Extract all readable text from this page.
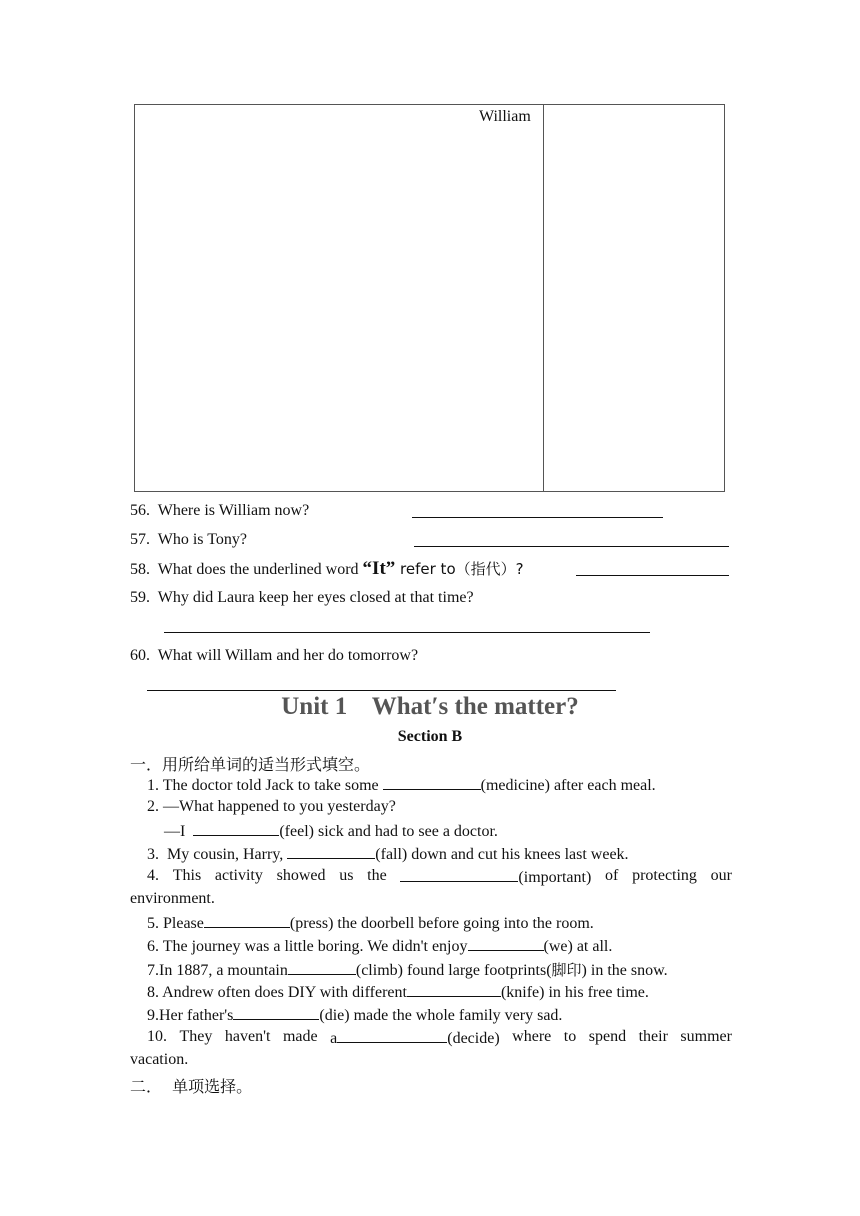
William
56. Where is William now?
57. Who is Tony?
58. What does the underlined word “It” refer to（指代）?
59. Why did Laura keep her eyes closed at that time?
60. What will Willam and her do tomorrow?
Unit 1    What′s the matter?
Section B
一．用所给单词的适当形式填空。
1. The doctor told Jack to take some	(medicine) after each meal.
2. —What happened to you yesterday?
—I	(feel) sick and had to see a doctor.
3.  My cousin, Harry,	(fall) down and cut his knees last week.
4. This activity showed us the	(important) of protecting our
environment.
5. Please	(press) the doorbell before going into the room.
6. The journey was a little boring. We didn't enjoy	(we) at all.
7.In 1887, a mountain	(climb) found large footprints(脚印) in the snow.
8. Andrew often does DIY with different	(knife) in his free time.
9.Her father's	(die) made the whole family very sad.
10. They haven't made a	(decide) where to spend their summer
vacation.
二．  单项选择。
